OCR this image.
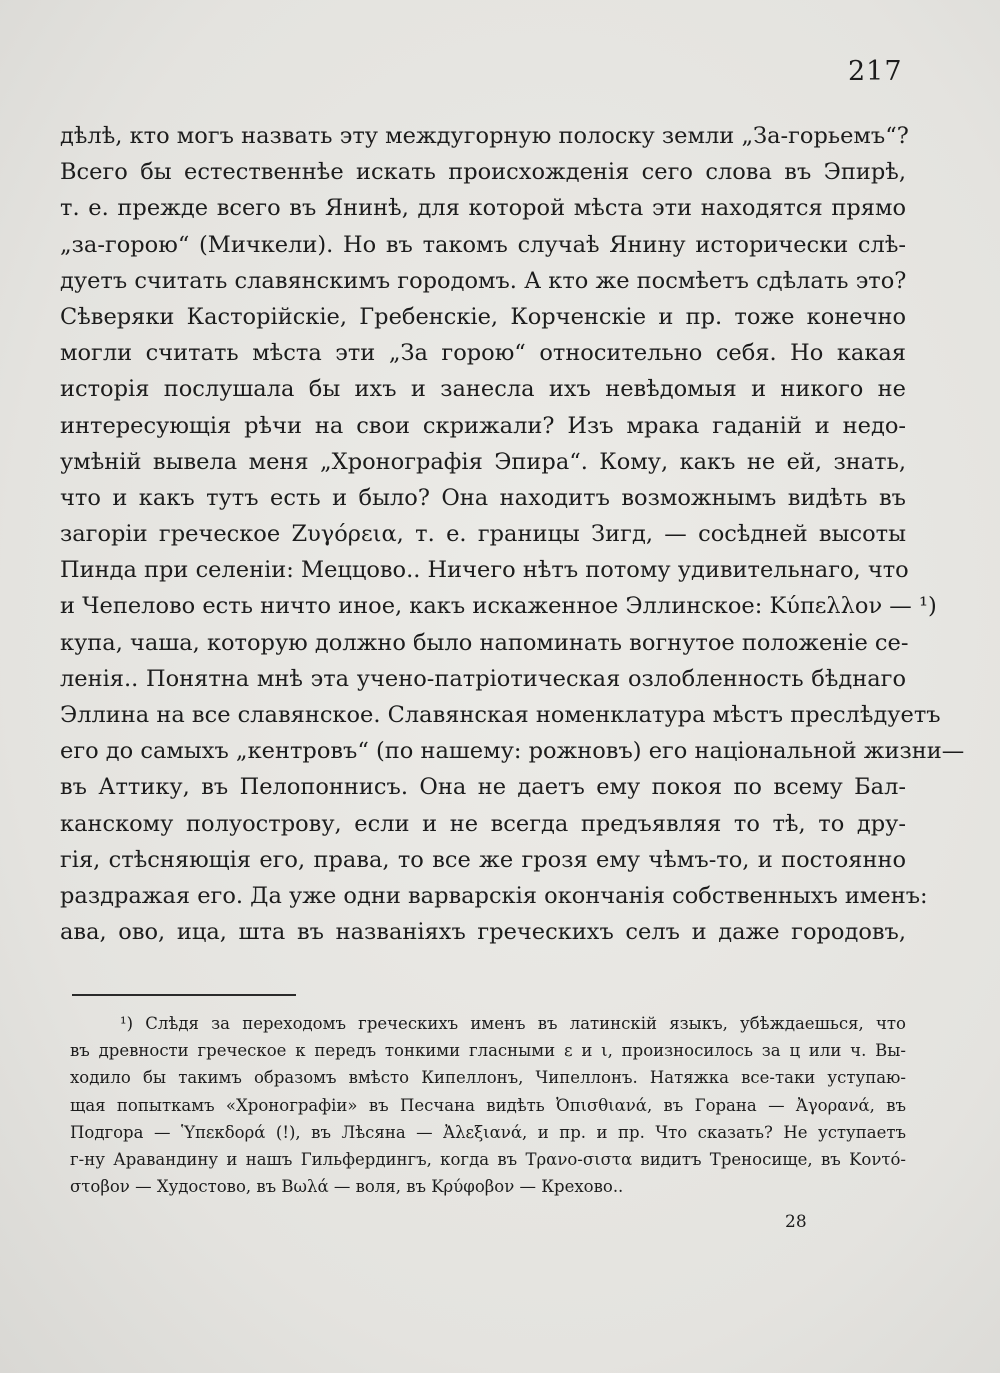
217
дѣлѣ, кто могъ назвать эту междугорную полоску земли „За-горьемъ“?
Всего бы естественнѣе искать происхожденія сего слова въ Эпирѣ,
т. е. прежде всего въ Янинѣ, для которой мѣста эти находятся прямо
„за-горою“ (Мичкели). Но въ такомъ случаѣ Янину исторически слѣ-
дуетъ считать славянскимъ городомъ. А кто же посмѣетъ сдѣлать это?
Сѣверяки Касторійскіе, Гребенскіе, Корченскіе и пр. тоже конечно
могли считать мѣста эти „За горою“ относительно себя. Но какая
исторія послушала бы ихъ и занесла ихъ невѣдомыя и никого не
интересующія рѣчи на свои скрижали? Изъ мрака гаданій и недо-
умѣній вывела меня „Хронографія Эпира“. Кому, какъ не ей, знать,
что и какъ тутъ есть и было? Она находитъ возможнымъ видѣть въ
загоріи греческое Ζυγόρεια, т. е. границы Зигд, — сосѣдней высоты
Пинда при селеніи: Меццово.. Ничего нѣтъ потому удивительнаго, что
и Чепелово есть ничто иное, какъ искаженное Эллинское: Κύπελλον — ¹)
купа, чаша, которую должно было напоминать вогнутое положеніе се-
ленія.. Понятна мнѣ эта учено-патріотическая озлобленность бѣднаго
Эллина на все славянское. Славянская номенклатура мѣстъ преслѣдуетъ
его до самыхъ „кентровъ“ (по нашему: рожновъ) его національной жизни—
въ Аттику, въ Пелопоннисъ. Она не даетъ ему покоя по всему Бал-
канскому полуострову, если и не всегда предъявляя то тѣ, то дру-
гія, стѣсняющія его, права, то все же грозя ему чѣмъ-то, и постоянно
раздражая его. Да уже одни варварскія окончанія собственныхъ именъ:
ава, ово, ица, шта въ названіяхъ греческихъ селъ и даже городовъ,
¹) Слѣдя за переходомъ греческихъ именъ въ латинскій языкъ, убѣждаешься, что
въ древности греческое κ передъ тонкими гласными ε и ι, произносилось за ц или ч. Вы-
ходило бы такимъ образомъ вмѣсто Кипеллонъ, Чипеллонъ. Натяжка все-таки уступаю-
щая попыткамъ «Хронографіи» въ Песчана видѣть Ὀπισθιανά, въ Горана — Ἀγορανά, въ
Подгора — Ὑπεκδορά (!), въ Лѣсяна — Ἀλεξιανά, и пр. и пр. Что сказать? Не уступаетъ
г-ну Аравандину и нашъ Гильфердингъ, когда въ Τρανο-σιστα видитъ Треносище, въ Κοντό-
στοβον — Худостово, въ Βωλά — воля, въ Κρύφοβον — Крехово..
28
